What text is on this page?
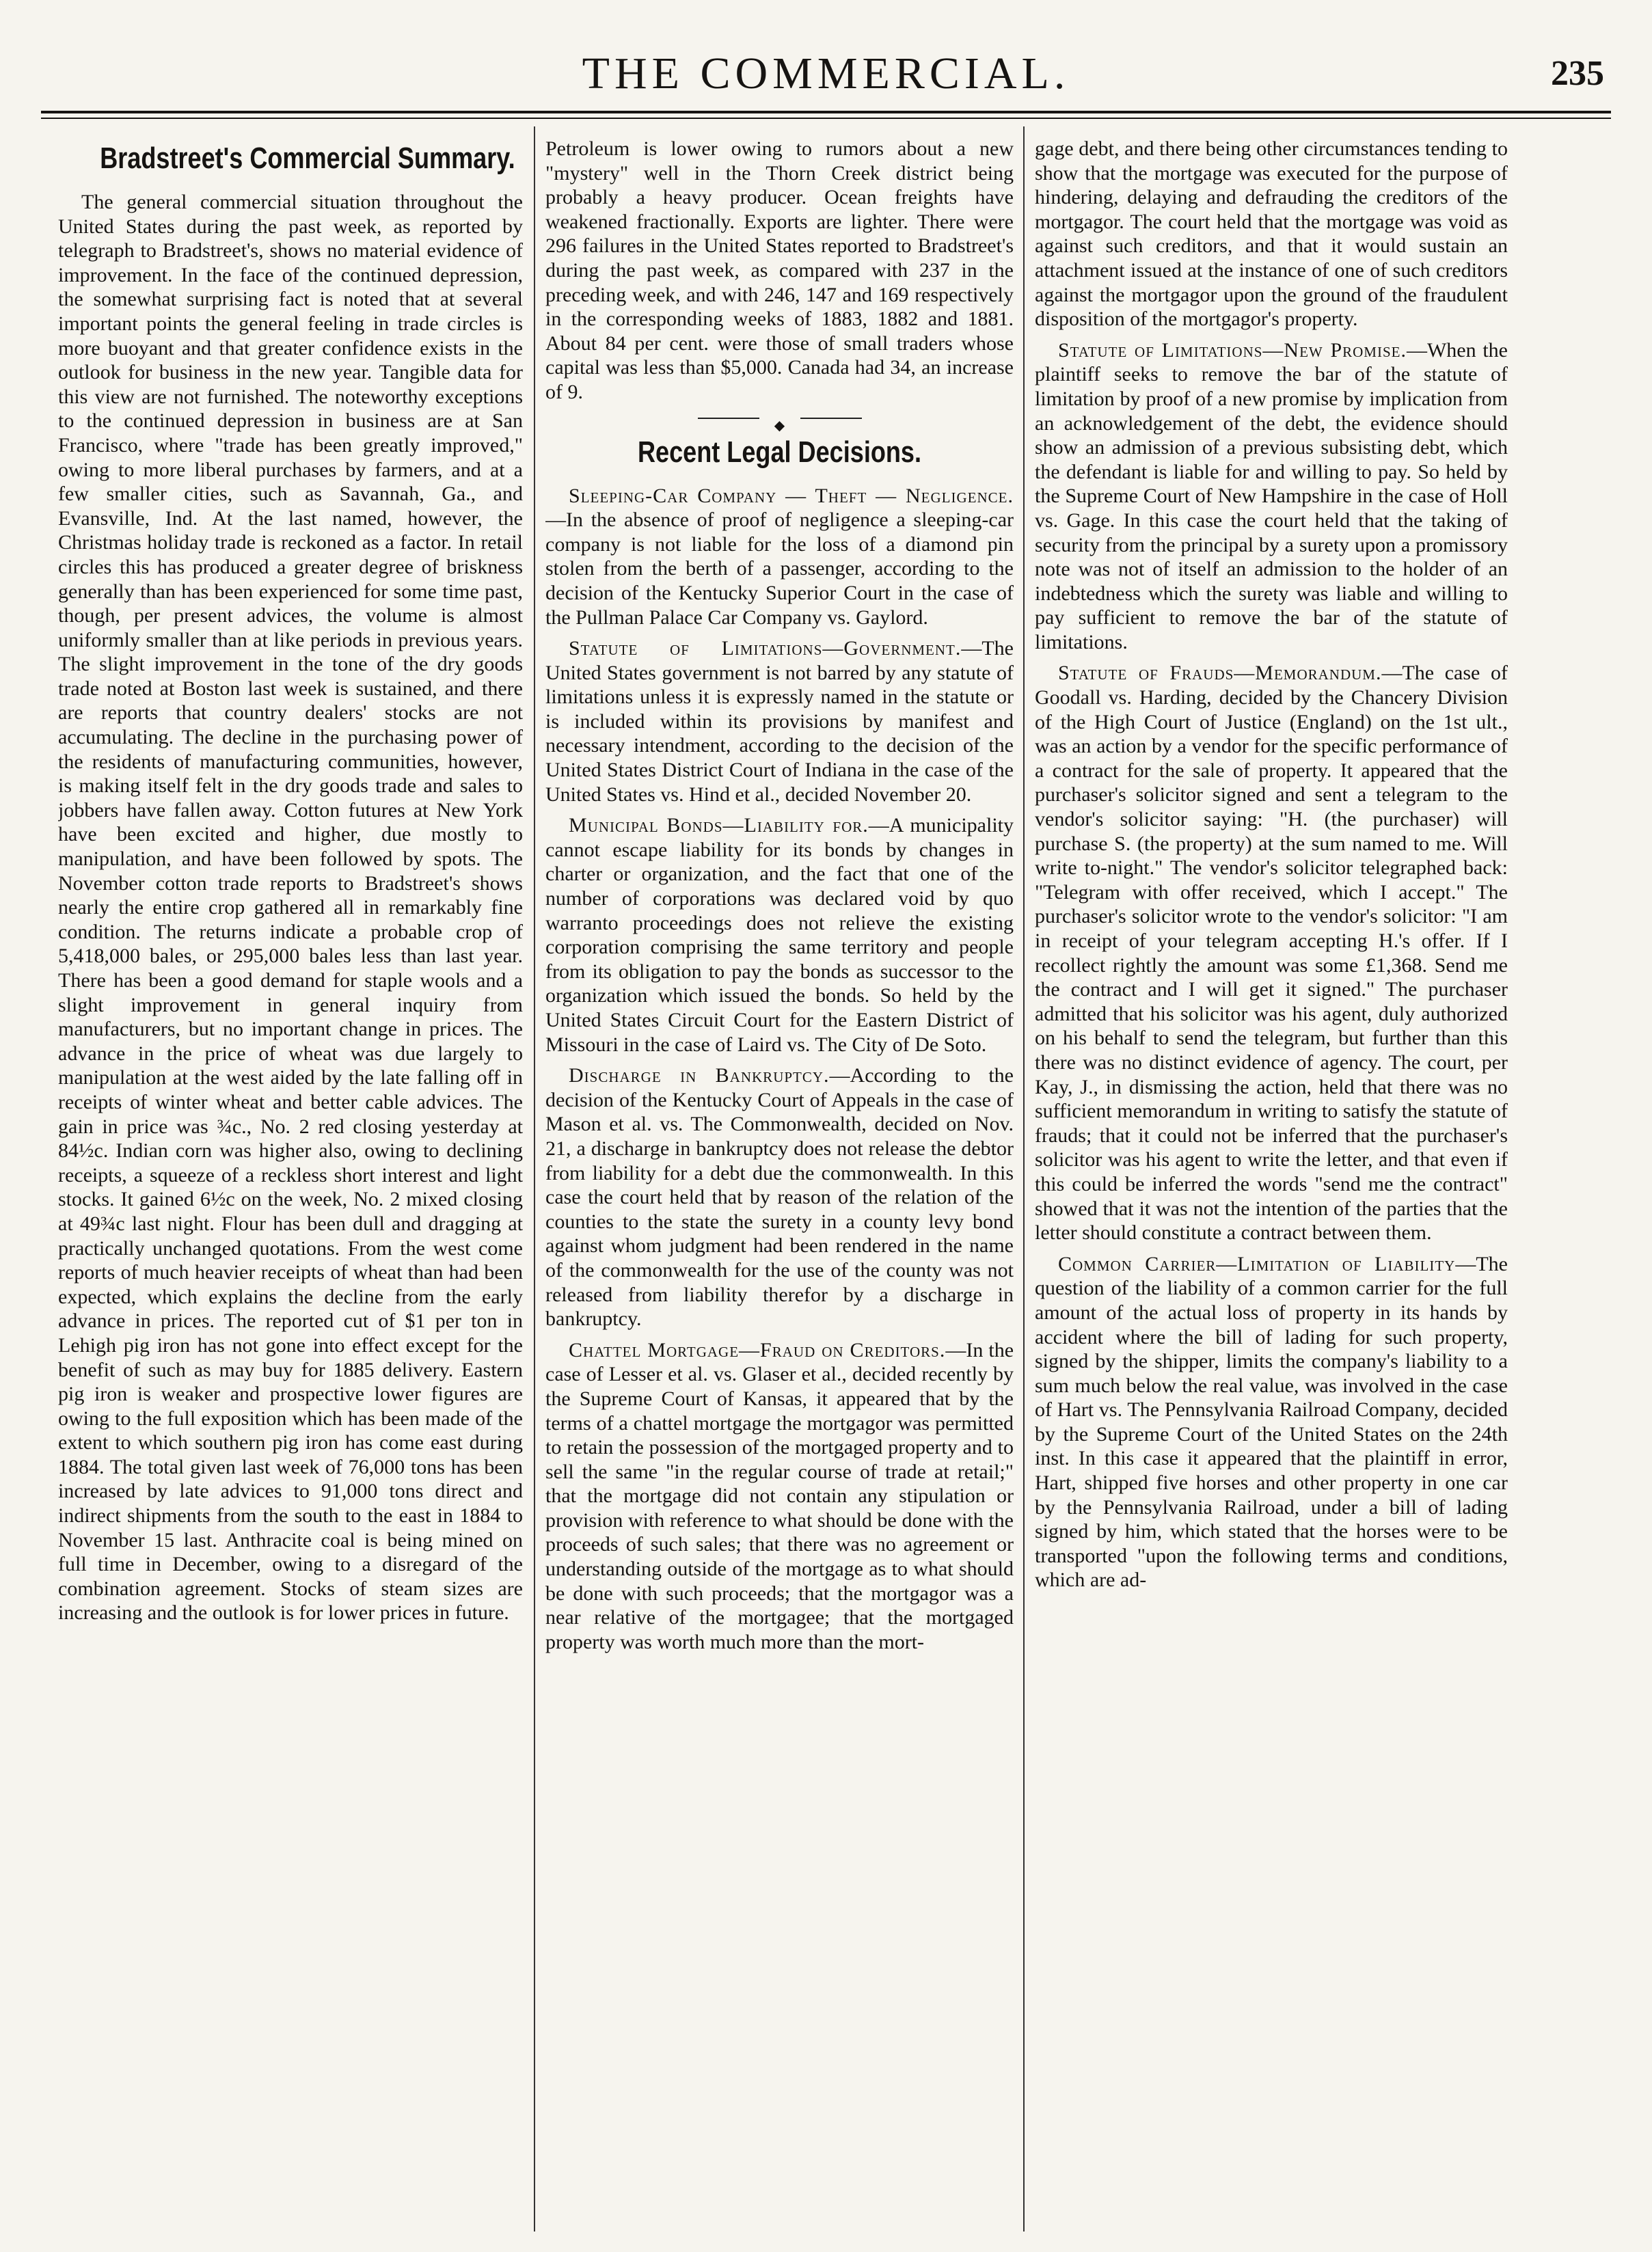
THE COMMERCIAL.	235
Bradstreet's Commercial Summary.

The general commercial situation throughout the United States during the past week, as reported by telegraph to Bradstreet's, shows no material evidence of improvement. In the face of the continued depression, the somewhat surprising fact is noted that at several important points the general feeling in trade circles is more buoyant and that greater confidence exists in the outlook for business in the new year. Tangible data for this view are not furnished. The noteworthy exceptions to the continued depression in business are at San Francisco, where "trade has been greatly improved," owing to more liberal purchases by farmers, and at a few smaller cities, such as Savannah, Ga., and Evansville, Ind. At the last named, however, the Christmas holiday trade is reckoned as a factor. In retail circles this has produced a greater degree of briskness generally than has been experienced for some time past, though, per present advices, the volume is almost uniformly smaller than at like periods in previous years. The slight improvement in the tone of the dry goods trade noted at Boston last week is sustained, and there are reports that country dealers' stocks are not accumulating. The decline in the purchasing power of the residents of manufacturing communities, however, is making itself felt in the dry goods trade and sales to jobbers have fallen away. Cotton futures at New York have been excited and higher, due mostly to manipulation, and have been followed by spots. The November cotton trade reports to Bradstreet's shows nearly the entire crop gathered all in remarkably fine condition. The returns indicate a probable crop of 5,418,000 bales, or 295,000 bales less than last year. There has been a good demand for staple wools and a slight improvement in general inquiry from manufacturers, but no important change in prices. The advance in the price of wheat was due largely to manipulation at the west aided by the late falling off in receipts of winter wheat and better cable advices. The gain in price was ¾c., No. 2 red closing yesterday at 84½c. Indian corn was higher also, owing to declining receipts, a squeeze of a reckless short interest and light stocks. It gained 6½c on the week, No. 2 mixed closing at 49¾c last night. Flour has been dull and dragging at practically unchanged quotations. From the west come reports of much heavier receipts of wheat than had been expected, which explains the decline from the early advance in prices. The reported cut of $1 per ton in Lehigh pig iron has not gone into effect except for the benefit of such as may buy for 1885 delivery. Eastern pig iron is weaker and prospective lower figures are owing to the full exposition which has been made of the extent to which southern pig iron has come east during 1884. The total given last week of 76,000 tons has been increased by late advices to 91,000 tons direct and indirect shipments from the south to the east in 1884 to November 15 last. Anthracite coal is being mined on full time in December, owing to a disregard of the combination agreement. Stocks of steam sizes are increasing and the outlook is for lower prices in future.

Petroleum is lower owing to rumors about a new "mystery" well in the Thorn Creek district being probably a heavy producer. Ocean freights have weakened fractionally. Exports are lighter. There were 296 failures in the United States reported to Bradstreet's during the past week, as compared with 237 in the preceding week, and with 246, 147 and 169 respectively in the corresponding weeks of 1883, 1882 and 1881. About 84 per cent. were those of small traders whose capital was less than $5,000. Canada had 34, an increase of 9.

◆
Recent Legal Decisions.

Sleeping-Car Company — Theft — Negligence.—In the absence of proof of negligence a sleeping-car company is not liable for the loss of a diamond pin stolen from the berth of a passenger, according to the decision of the Kentucky Superior Court in the case of the Pullman Palace Car Company vs. Gaylord.

Statute of Limitations—Government.—The United States government is not barred by any statute of limitations unless it is expressly named in the statute or is included within its provisions by manifest and necessary intendment, according to the decision of the United States District Court of Indiana in the case of the United States vs. Hind et al., decided November 20.

Municipal Bonds—Liability for.—A municipality cannot escape liability for its bonds by changes in charter or organization, and the fact that one of the number of corporations was declared void by quo warranto proceedings does not relieve the existing corporation comprising the same territory and people from its obligation to pay the bonds as successor to the organization which issued the bonds. So held by the United States Circuit Court for the Eastern District of Missouri in the case of Laird vs. The City of De Soto.

Discharge in Bankruptcy.—According to the decision of the Kentucky Court of Appeals in the case of Mason et al. vs. The Commonwealth, decided on Nov. 21, a discharge in bankruptcy does not release the debtor from liability for a debt due the commonwealth. In this case the court held that by reason of the relation of the counties to the state the surety in a county levy bond against whom judgment had been rendered in the name of the commonwealth for the use of the county was not released from liability therefor by a discharge in bankruptcy.

Chattel Mortgage—Fraud on Creditors.—In the case of Lesser et al. vs. Glaser et al., decided recently by the Supreme Court of Kansas, it appeared that by the terms of a chattel mortgage the mortgagor was permitted to retain the possession of the mortgaged property and to sell the same "in the regular course of trade at retail;" that the mortgage did not contain any stipulation or provision with reference to what should be done with the proceeds of such sales; that there was no agreement or understanding outside of the mortgage as to what should be done with such proceeds; that the mortgagor was a near relative of the mortgagee; that the mortgaged property was worth much more than the mort-

gage debt, and there being other circumstances tending to show that the mortgage was executed for the purpose of hindering, delaying and defrauding the creditors of the mortgagor. The court held that the mortgage was void as against such creditors, and that it would sustain an attachment issued at the instance of one of such creditors against the mortgagor upon the ground of the fraudulent disposition of the mortgagor's property.

Statute of Limitations—New Promise.—When the plaintiff seeks to remove the bar of the statute of limitation by proof of a new promise by implication from an acknowledgement of the debt, the evidence should show an admission of a previous subsisting debt, which the defendant is liable for and willing to pay. So held by the Supreme Court of New Hampshire in the case of Holl vs. Gage. In this case the court held that the taking of security from the principal by a surety upon a promissory note was not of itself an admission to the holder of an indebtedness which the surety was liable and willing to pay sufficient to remove the bar of the statute of limitations.

Statute of Frauds—Memorandum.—The case of Goodall vs. Harding, decided by the Chancery Division of the High Court of Justice (England) on the 1st ult., was an action by a vendor for the specific performance of a contract for the sale of property. It appeared that the purchaser's solicitor signed and sent a telegram to the vendor's solicitor saying: "H. (the purchaser) will purchase S. (the property) at the sum named to me. Will write to-night." The vendor's solicitor telegraphed back: "Telegram with offer received, which I accept." The purchaser's solicitor wrote to the vendor's solicitor: "I am in receipt of your telegram accepting H.'s offer. If I recollect rightly the amount was some £1,368. Send me the contract and I will get it signed." The purchaser admitted that his solicitor was his agent, duly authorized on his behalf to send the telegram, but further than this there was no distinct evidence of agency. The court, per Kay, J., in dismissing the action, held that there was no sufficient memorandum in writing to satisfy the statute of frauds; that it could not be inferred that the purchaser's solicitor was his agent to write the letter, and that even if this could be inferred the words "send me the contract" showed that it was not the intention of the parties that the letter should constitute a contract between them.

Common Carrier—Limitation of Liability—The question of the liability of a common carrier for the full amount of the actual loss of property in its hands by accident where the bill of lading for such property, signed by the shipper, limits the company's liability to a sum much below the real value, was involved in the case of Hart vs. The Pennsylvania Railroad Company, decided by the Supreme Court of the United States on the 24th inst. In this case it appeared that the plaintiff in error, Hart, shipped five horses and other property in one car by the Pennsylvania Railroad, under a bill of lading signed by him, which stated that the horses were to be transported "upon the following terms and conditions, which are ad-
